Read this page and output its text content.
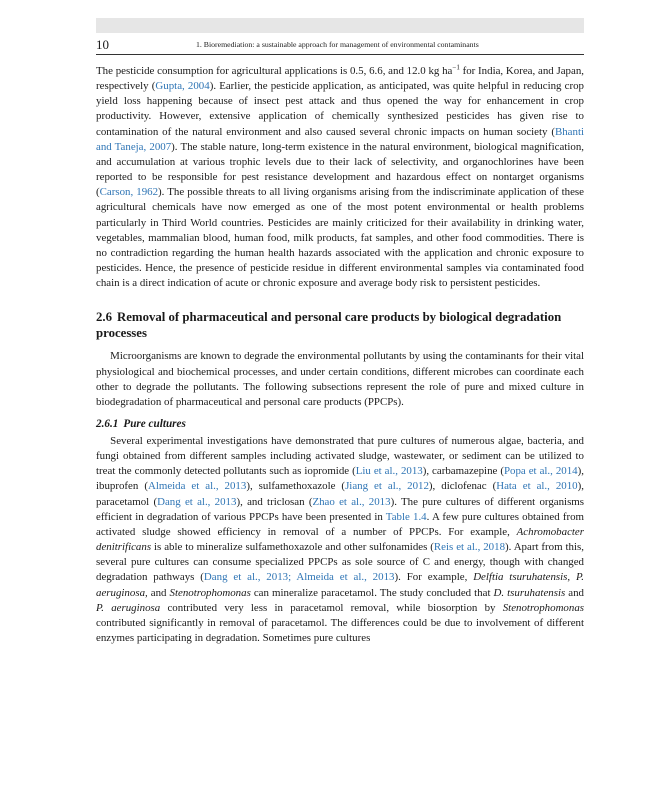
10	1. Bioremediation: a sustainable approach for management of environmental contaminants

The pesticide consumption for agricultural applications is 0.5, 6.6, and 12.0 kg $ha^{-1}$ for India, Korea, and Japan, respectively (Gupta, 2004). Earlier, the pesticide application, as anticipated, was quite helpful in reducing crop yield loss happening because of insect pest attack and thus opened the way for enhancement in crop productivity. However, extensive application of chemically synthesized pesticides has given rise to contamination of the natural environment and also caused several chronic impacts on human society (Bhanti and Taneja, 2007). The stable nature, long-term existence in the natural environment, biological magnification, and accumulation at various trophic levels due to their lack of selectivity, and organochlorines have been reported to be responsible for pest resistance development and hazardous effect on nontarget organisms (Carson, 1962). The possible threats to all living organisms arising from the indiscriminate application of these agricultural chemicals have now emerged as one of the most potent environmental or health problems particularly in Third World countries. Pesticides are mainly criticized for their availability in drinking water, vegetables, mammalian blood, human food, milk products, fat samples, and other food commodities. There is no contradiction regarding the human health hazards associated with the application and chronic exposure to pesticides. Hence, the presence of pesticide residue in different environmental samples via contaminated food chain is a direct indication of acute or chronic exposure and average body risk to persistent pesticides.

2.6 Removal of pharmaceutical and personal care products by biological degradation processes

Microorganisms are known to degrade the environmental pollutants by using the contaminants for their vital physiological and biochemical processes, and under certain conditions, different microbes can coordinate each other to degrade the pollutants. The following subsections represent the role of pure and mixed culture in biodegradation of pharmaceutical and personal care products (PPCPs).

2.6.1 Pure cultures

Several experimental investigations have demonstrated that pure cultures of numerous algae, bacteria, and fungi obtained from different samples including activated sludge, wastewater, or sediment can be utilized to treat the commonly detected pollutants such as iopromide (Liu et al., 2013), carbamazepine (Popa et al., 2014), ibuprofen (Almeida et al., 2013), sulfamethoxazole (Jiang et al., 2012), diclofenac (Hata et al., 2010), paracetamol (Dang et al., 2013), and triclosan (Zhao et al., 2013). The pure cultures of different organisms efficient in degradation of various PPCPs have been presented in Table 1.4. A few pure cultures obtained from activated sludge showed efficiency in removal of a number of PPCPs. For example, Achromobacter denitrificans is able to mineralize sulfamethoxazole and other sulfonamides (Reis et al., 2018). Apart from this, several pure cultures can consume specialized PPCPs as sole source of C and energy, though with changed degradation pathways (Dang et al., 2013; Almeida et al., 2013). For example, Delftia tsuruhatensis, P. aeruginosa, and Stenotrophomonas can mineralize paracetamol. The study concluded that D. tsuruhatensis and P. aeruginosa contributed very less in paracetamol removal, while biosorption by Stenotrophomonas contributed significantly in removal of paracetamol. The differences could be due to involvement of different enzymes participating in degradation. Sometimes pure cultures
